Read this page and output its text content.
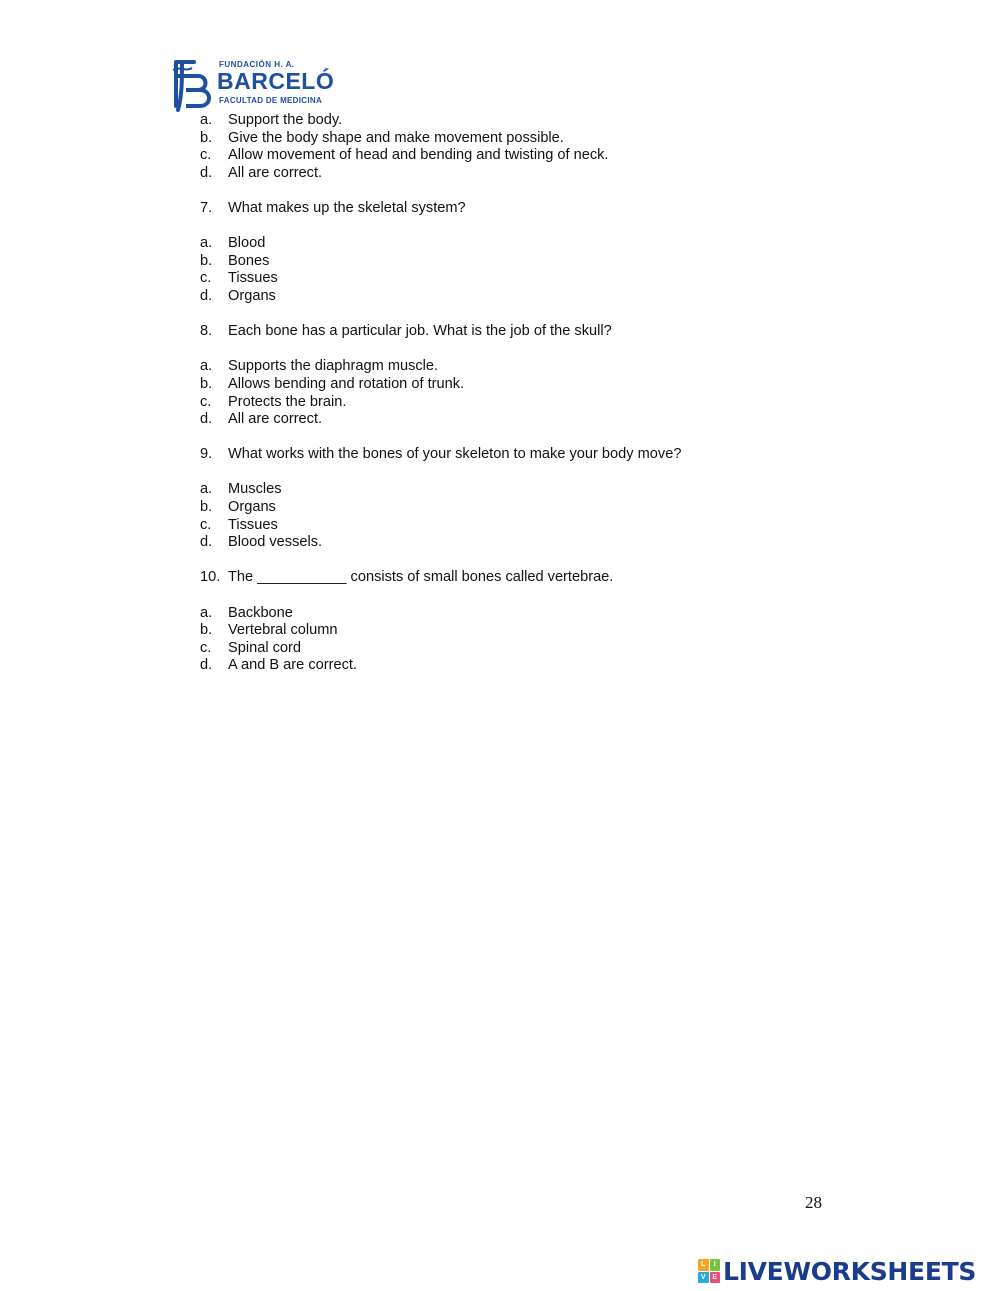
FUNDACIÓN H. A.
BARCELÓ
FACULTAD DE MEDICINA
a.	Support the body.
b.	Give the body shape and make movement possible.
c.	Allow movement of head and bending and twisting of neck.
d.	All are correct.
7.	What makes up the skeletal system?
a.	Blood
b.	Bones
c.	Tissues
d.	Organs
8.	Each bone has a particular job. What is the job of the skull?
a.	Supports the diaphragm muscle.
b.	Allows bending and rotation of trunk.
c.	Protects the brain.
d.	All are correct.
9.	What works with the bones of your skeleton to make your body move?
a.	Muscles
b.	Organs
c.	Tissues
d.	Blood vessels.
10. The ___________ consists of small bones called vertebrae.
a.	Backbone
b.	Vertebral column
c.	Spinal cord
d.	A and B are correct.
28
L	I
V E LIVEWORKSHEETS
